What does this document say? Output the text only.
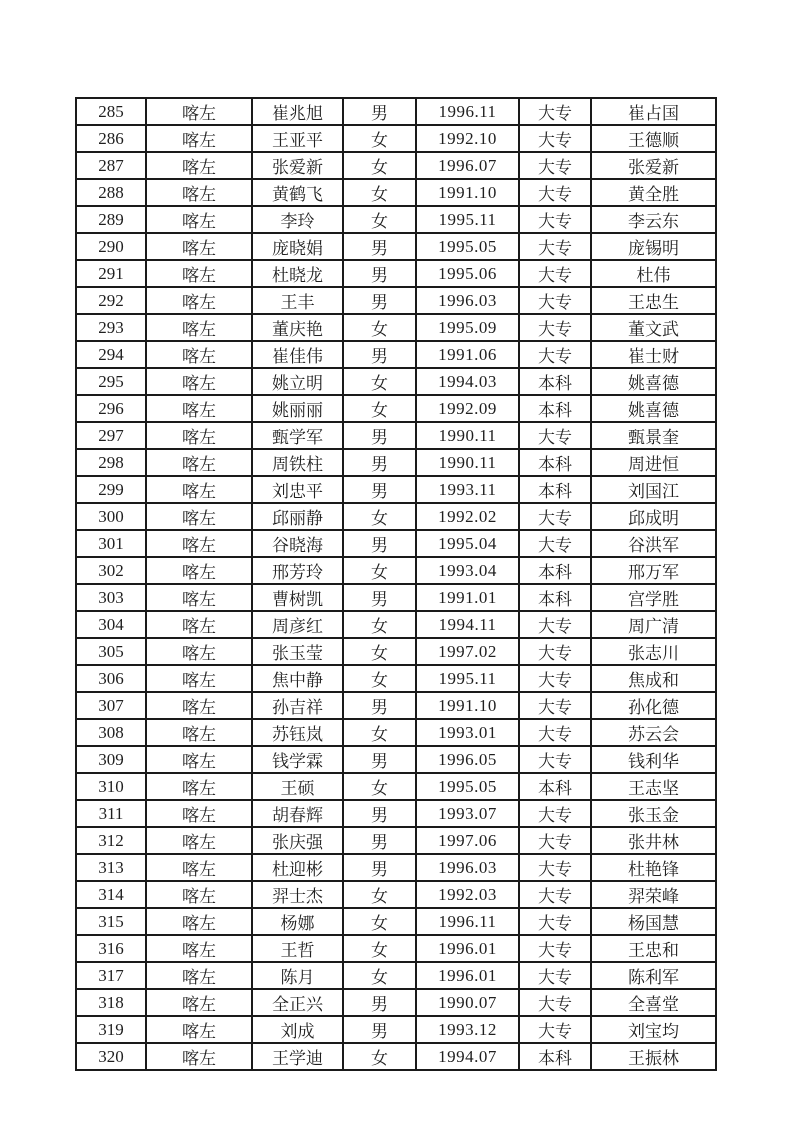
285	喀左	崔兆旭	男	1996.11	大专	崔占国
286	喀左	王亚平	女	1992.10	大专	王德顺
287	喀左	张爱新	女	1996.07	大专	张爱新
288	喀左	黄鹤飞	女	1991.10	大专	黄全胜
289	喀左	李玲	女	1995.11	大专	李云东
290	喀左	庞晓娟	男	1995.05	大专	庞锡明
291	喀左	杜晓龙	男	1995.06	大专	杜伟
292	喀左	王丰	男	1996.03	大专	王忠生
293	喀左	董庆艳	女	1995.09	大专	董文武
294	喀左	崔佳伟	男	1991.06	大专	崔士财
295	喀左	姚立明	女	1994.03	本科	姚喜德
296	喀左	姚丽丽	女	1992.09	本科	姚喜德
297	喀左	甄学军	男	1990.11	大专	甄景奎
298	喀左	周铁柱	男	1990.11	本科	周进恒
299	喀左	刘忠平	男	1993.11	本科	刘国江
300	喀左	邱丽静	女	1992.02	大专	邱成明
301	喀左	谷晓海	男	1995.04	大专	谷洪军
302	喀左	邢芳玲	女	1993.04	本科	邢万军
303	喀左	曹树凯	男	1991.01	本科	宫学胜
304	喀左	周彦红	女	1994.11	大专	周广清
305	喀左	张玉莹	女	1997.02	大专	张志川
306	喀左	焦中静	女	1995.11	大专	焦成和
307	喀左	孙吉祥	男	1991.10	大专	孙化德
308	喀左	苏钰岚	女	1993.01	大专	苏云会
309	喀左	钱学霖	男	1996.05	大专	钱利华
310	喀左	王硕	女	1995.05	本科	王志坚
311	喀左	胡春辉	男	1993.07	大专	张玉金
312	喀左	张庆强	男	1997.06	大专	张井林
313	喀左	杜迎彬	男	1996.03	大专	杜艳锋
314	喀左	羿士杰	女	1992.03	大专	羿荣峰
315	喀左	杨娜	女	1996.11	大专	杨国慧
316	喀左	王哲	女	1996.01	大专	王忠和
317	喀左	陈月	女	1996.01	大专	陈利军
318	喀左	全正兴	男	1990.07	大专	全喜堂
319	喀左	刘成	男	1993.12	大专	刘宝均
320	喀左	王学迪	女	1994.07	本科	王振林
